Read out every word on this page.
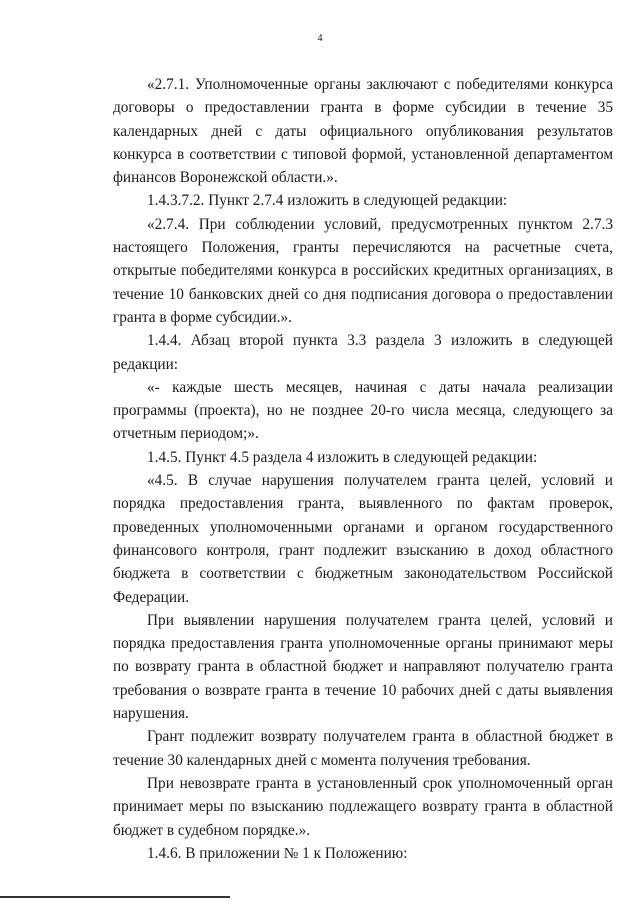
4

«2.7.1. Уполномоченные органы заключают с победителями конкурса договоры о предоставлении гранта в форме субсидии в течение 35 календарных дней с даты официального опубликования результатов конкурса в соответствии с типовой формой, установленной департаментом финансов Воронежской области.».

1.4.3.7.2. Пункт 2.7.4 изложить в следующей редакции:

«2.7.4. При соблюдении условий, предусмотренных пунктом 2.7.3 настоящего Положения, гранты перечисляются на расчетные счета, открытые победителями конкурса в российских кредитных организациях, в течение 10 банковских дней со дня подписания договора о предоставлении гранта в форме субсидии.».

1.4.4. Абзац второй пункта 3.3 раздела 3 изложить в следующей редакции:

«- каждые шесть месяцев, начиная с даты начала реализации программы (проекта), но не позднее 20-го числа месяца, следующего за отчетным периодом;».

1.4.5. Пункт 4.5 раздела 4 изложить в следующей редакции:

«4.5. В случае нарушения получателем гранта целей, условий и порядка предоставления гранта, выявленного по фактам проверок, проведенных уполномоченными органами и органом государственного финансового контроля, грант подлежит взысканию в доход областного бюджета в соответствии с бюджетным законодательством Российской Федерации.

При выявлении нарушения получателем гранта целей, условий и порядка предоставления гранта уполномоченные органы принимают меры по возврату гранта в областной бюджет и направляют получателю гранта требования о возврате гранта в течение 10 рабочих дней с даты выявления нарушения.

Грант подлежит возврату получателем гранта в областной бюджет в течение 30 календарных дней с момента получения требования.

При невозврате гранта в установленный срок уполномоченный орган принимает меры по взысканию подлежащего возврату гранта в областной бюджет в судебном порядке.».

1.4.6. В приложении № 1 к Положению:
